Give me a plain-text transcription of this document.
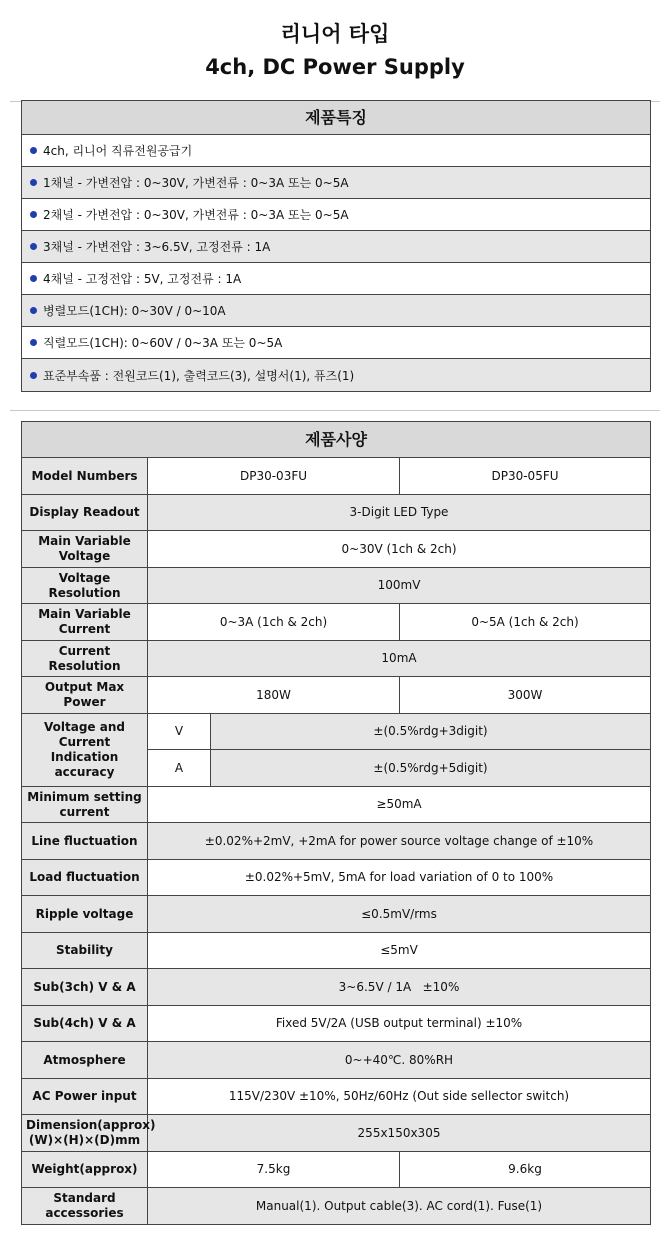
리니어 타입
4ch, DC Power Supply
제품특징
4ch, 리니어 직류전원공급기
1채널 - 가변전압 : 0~30V, 가변전류 : 0~3A 또는 0~5A
2채널 - 가변전압 : 0~30V, 가변전류 : 0~3A 또는 0~5A
3채널 - 가변전압 : 3~6.5V, 고정전류 : 1A
4채널 - 고정전압 : 5V, 고정전류 : 1A
병렬모드(1CH): 0~30V / 0~10A
직렬모드(1CH): 0~60V / 0~3A 또는 0~5A
표준부속품 : 전원코드(1), 출력코드(3), 설명서(1), 퓨즈(1)
제품사양			
Model Numbers	DP30-03FU		DP30-05FU
Display Readout	3-Digit LED Type		
Main Variable Voltage	0~30V (1ch & 2ch)		
Voltage Resolution	100mV		
Main Variable Current	0~3A (1ch & 2ch)		0~5A (1ch & 2ch)
Current Resolution	10mA		
Output Max Power	180W		300W
Voltage and Current Indication accuracy	V	±(0.5%rdg+3digit)	
	A	±(0.5%rdg+5digit)	
Minimum setting current	≥50mA		
Line fluctuation	±0.02%+2mV, +2mA for power source voltage change of ±10%		
Load fluctuation	±0.02%+5mV, 5mA for load variation of 0 to 100%		
Ripple voltage	≤0.5mV/rms		
Stability	≤5mV		
Sub(3ch) V & A	3~6.5V / 1A   ±10%		
Sub(4ch) V & A	Fixed 5V/2A (USB output terminal) ±10%		
Atmosphere	0~+40℃. 80%RH		
AC Power input	115V/230V ±10%, 50Hz/60Hz (Out side sellector switch)		
Dimension(approx) (W)×(H)×(D)mm	255x150x305		
Weight(approx)	7.5kg		9.6kg
Standard accessories	Manual(1). Output cable(3). AC cord(1). Fuse(1)		
